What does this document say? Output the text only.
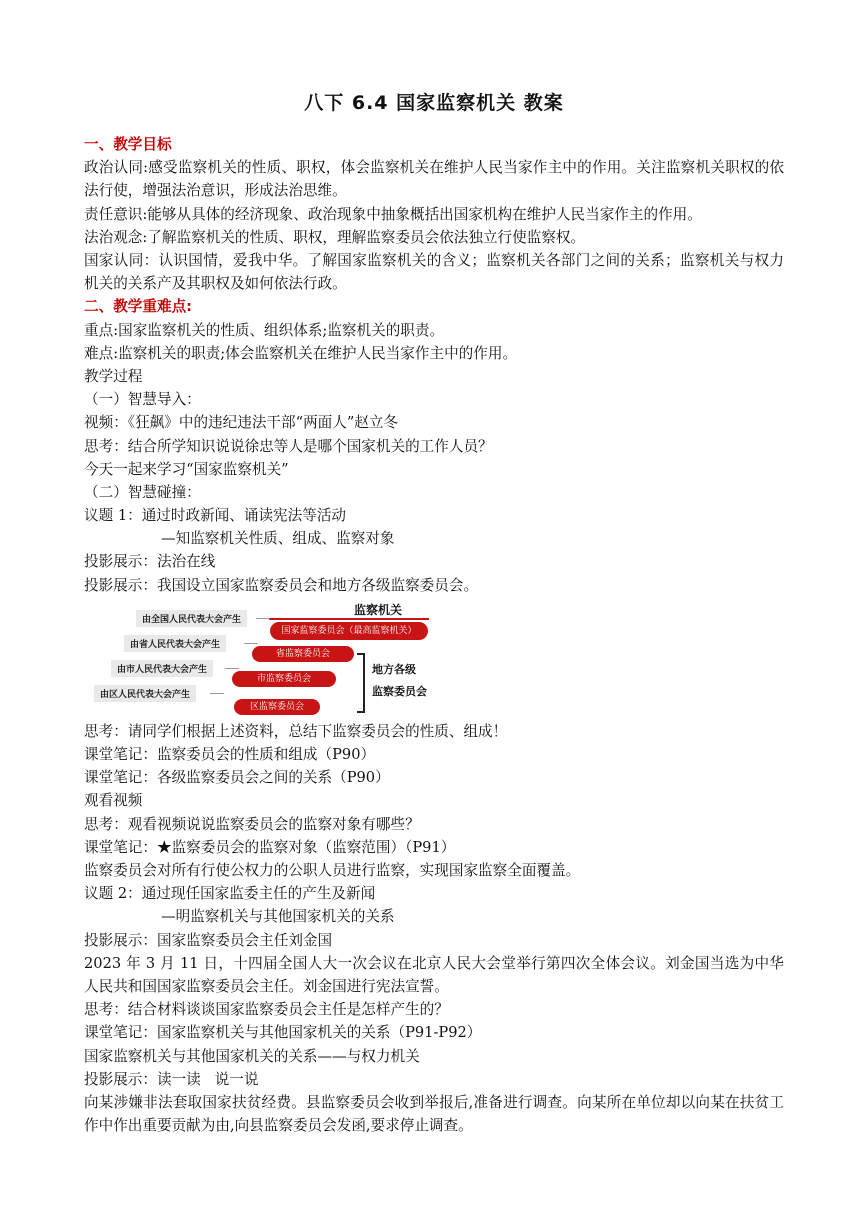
八下 6.4 国家监察机关 教案
一、教学目标
政治认同:感受监察机关的性质、职权，体会监察机关在维护人民当家作主中的作用。关注监察机关职权的依法行使，增强法治意识，形成法治思维。
责任意识:能够从具体的经济现象、政治现象中抽象概括出国家机构在维护人民当家作主的作用。
法治观念:了解监察机关的性质、职权，理解监察委员会依法独立行使监察权。
国家认同：认识国情，爱我中华。了解国家监察机关的含义；监察机关各部门之间的关系；监察机关与权力机关的关系产及其职权及如何依法行政。
二、教学重难点:
重点:国家监察机关的性质、组织体系;监察机关的职责。
难点:监察机关的职责;体会监察机关在维护人民当家作主中的作用。
教学过程
（一）智慧导入：
视频：《狂飙》中的违纪违法干部“两面人”赵立冬
思考：结合所学知识说说徐忠等人是哪个国家机关的工作人员？
今天一起来学习“国家监察机关”
（二）智慧碰撞：
议题 1：通过时政新闻、诵读宪法等活动
—知监察机关性质、组成、监察对象
投影展示：法治在线
投影展示：我国设立国家监察委员会和地方各级监察委员会。
监察机关
由全国人民代表大会产生
由省人民代表大会产生
由市人民代表大会产生
由区人民代表大会产生
国家监察委员会（最高监察机关）
省监察委员会
市监察委员会
区监察委员会
地方各级
监察委员会
思考：请同学们根据上述资料，总结下监察委员会的性质、组成！
课堂笔记：监察委员会的性质和组成（P90）
课堂笔记：各级监察委员会之间的关系（P90）
观看视频
思考：观看视频说说监察委员会的监察对象有哪些？
课堂笔记：★监察委员会的监察对象（监察范围）（P91）
监察委员会对所有行使公权力的公职人员进行监察，实现国家监察全面覆盖。
议题 2：通过现任国家监委主任的产生及新闻
—明监察机关与其他国家机关的关系
投影展示：国家监察委员会主任刘金国
2023 年 3 月 11 日，十四届全国人大一次会议在北京人民大会堂举行第四次全体会议。刘金国当选为中华人民共和国国家监察委员会主任。刘金国进行宪法宣誓。
思考：结合材料谈谈国家监察委员会主任是怎样产生的？
课堂笔记：国家监察机关与其他国家机关的关系（P91-P92）
国家监察机关与其他国家机关的关系——与权力机关
投影展示：读一读   说一说
向某涉嫌非法套取国家扶贫经费。县监察委员会收到举报后,准备进行调查。向某所在单位却以向某在扶贫工作中作出重要贡献为由,向县监察委员会发函,要求停止调查。
